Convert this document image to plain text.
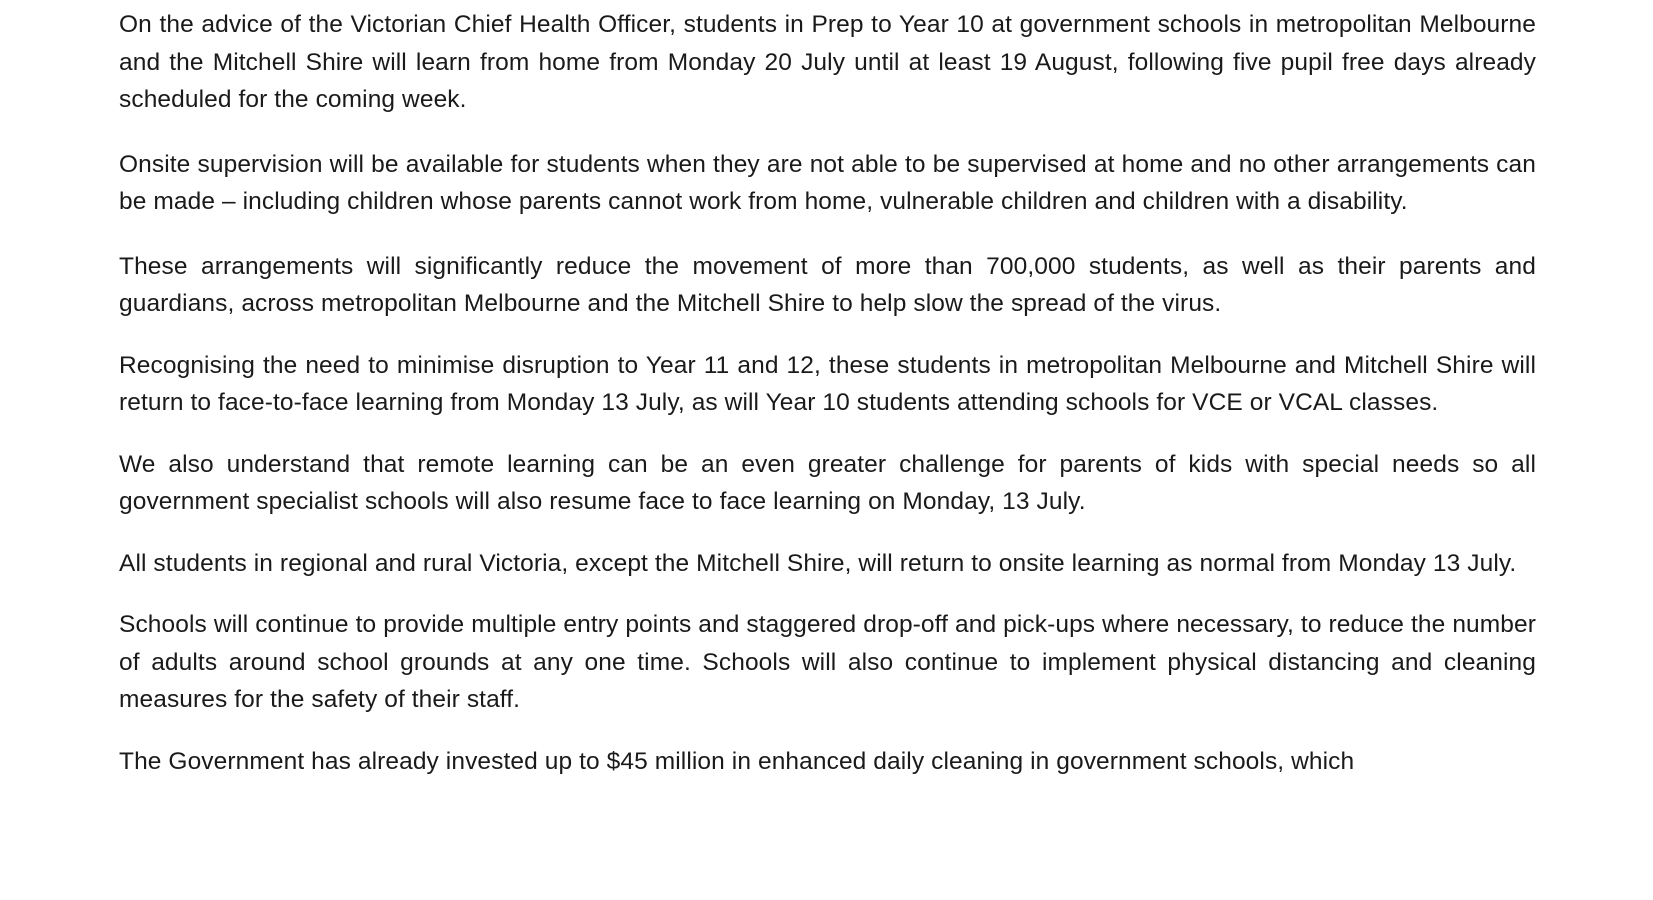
On the advice of the Victorian Chief Health Officer, students in Prep to Year 10 at government schools in metropolitan Melbourne and the Mitchell Shire will learn from home from Monday 20 July until at least 19 August, following five pupil free days already scheduled for the coming week.

Onsite supervision will be available for students when they are not able to be supervised at home and no other arrangements can be made – including children whose parents cannot work from home, vulnerable children and children with a disability.

These arrangements will significantly reduce the movement of more than 700,000 students, as well as their parents and guardians, across metropolitan Melbourne and the Mitchell Shire to help slow the spread of the virus.

Recognising the need to minimise disruption to Year 11 and 12, these students in metropolitan Melbourne and Mitchell Shire will return to face-to-face learning from Monday 13 July, as will Year 10 students attending schools for VCE or VCAL classes.

We also understand that remote learning can be an even greater challenge for parents of kids with special needs so all government specialist schools will also resume face to face learning on Monday, 13 July.

All students in regional and rural Victoria, except the Mitchell Shire, will return to onsite learning as normal from Monday 13 July.

Schools will continue to provide multiple entry points and staggered drop-off and pick-ups where necessary, to reduce the number of adults around school grounds at any one time. Schools will also continue to implement physical distancing and cleaning measures for the safety of their staff.

The Government has already invested up to $45 million in enhanced daily cleaning in government schools, which
